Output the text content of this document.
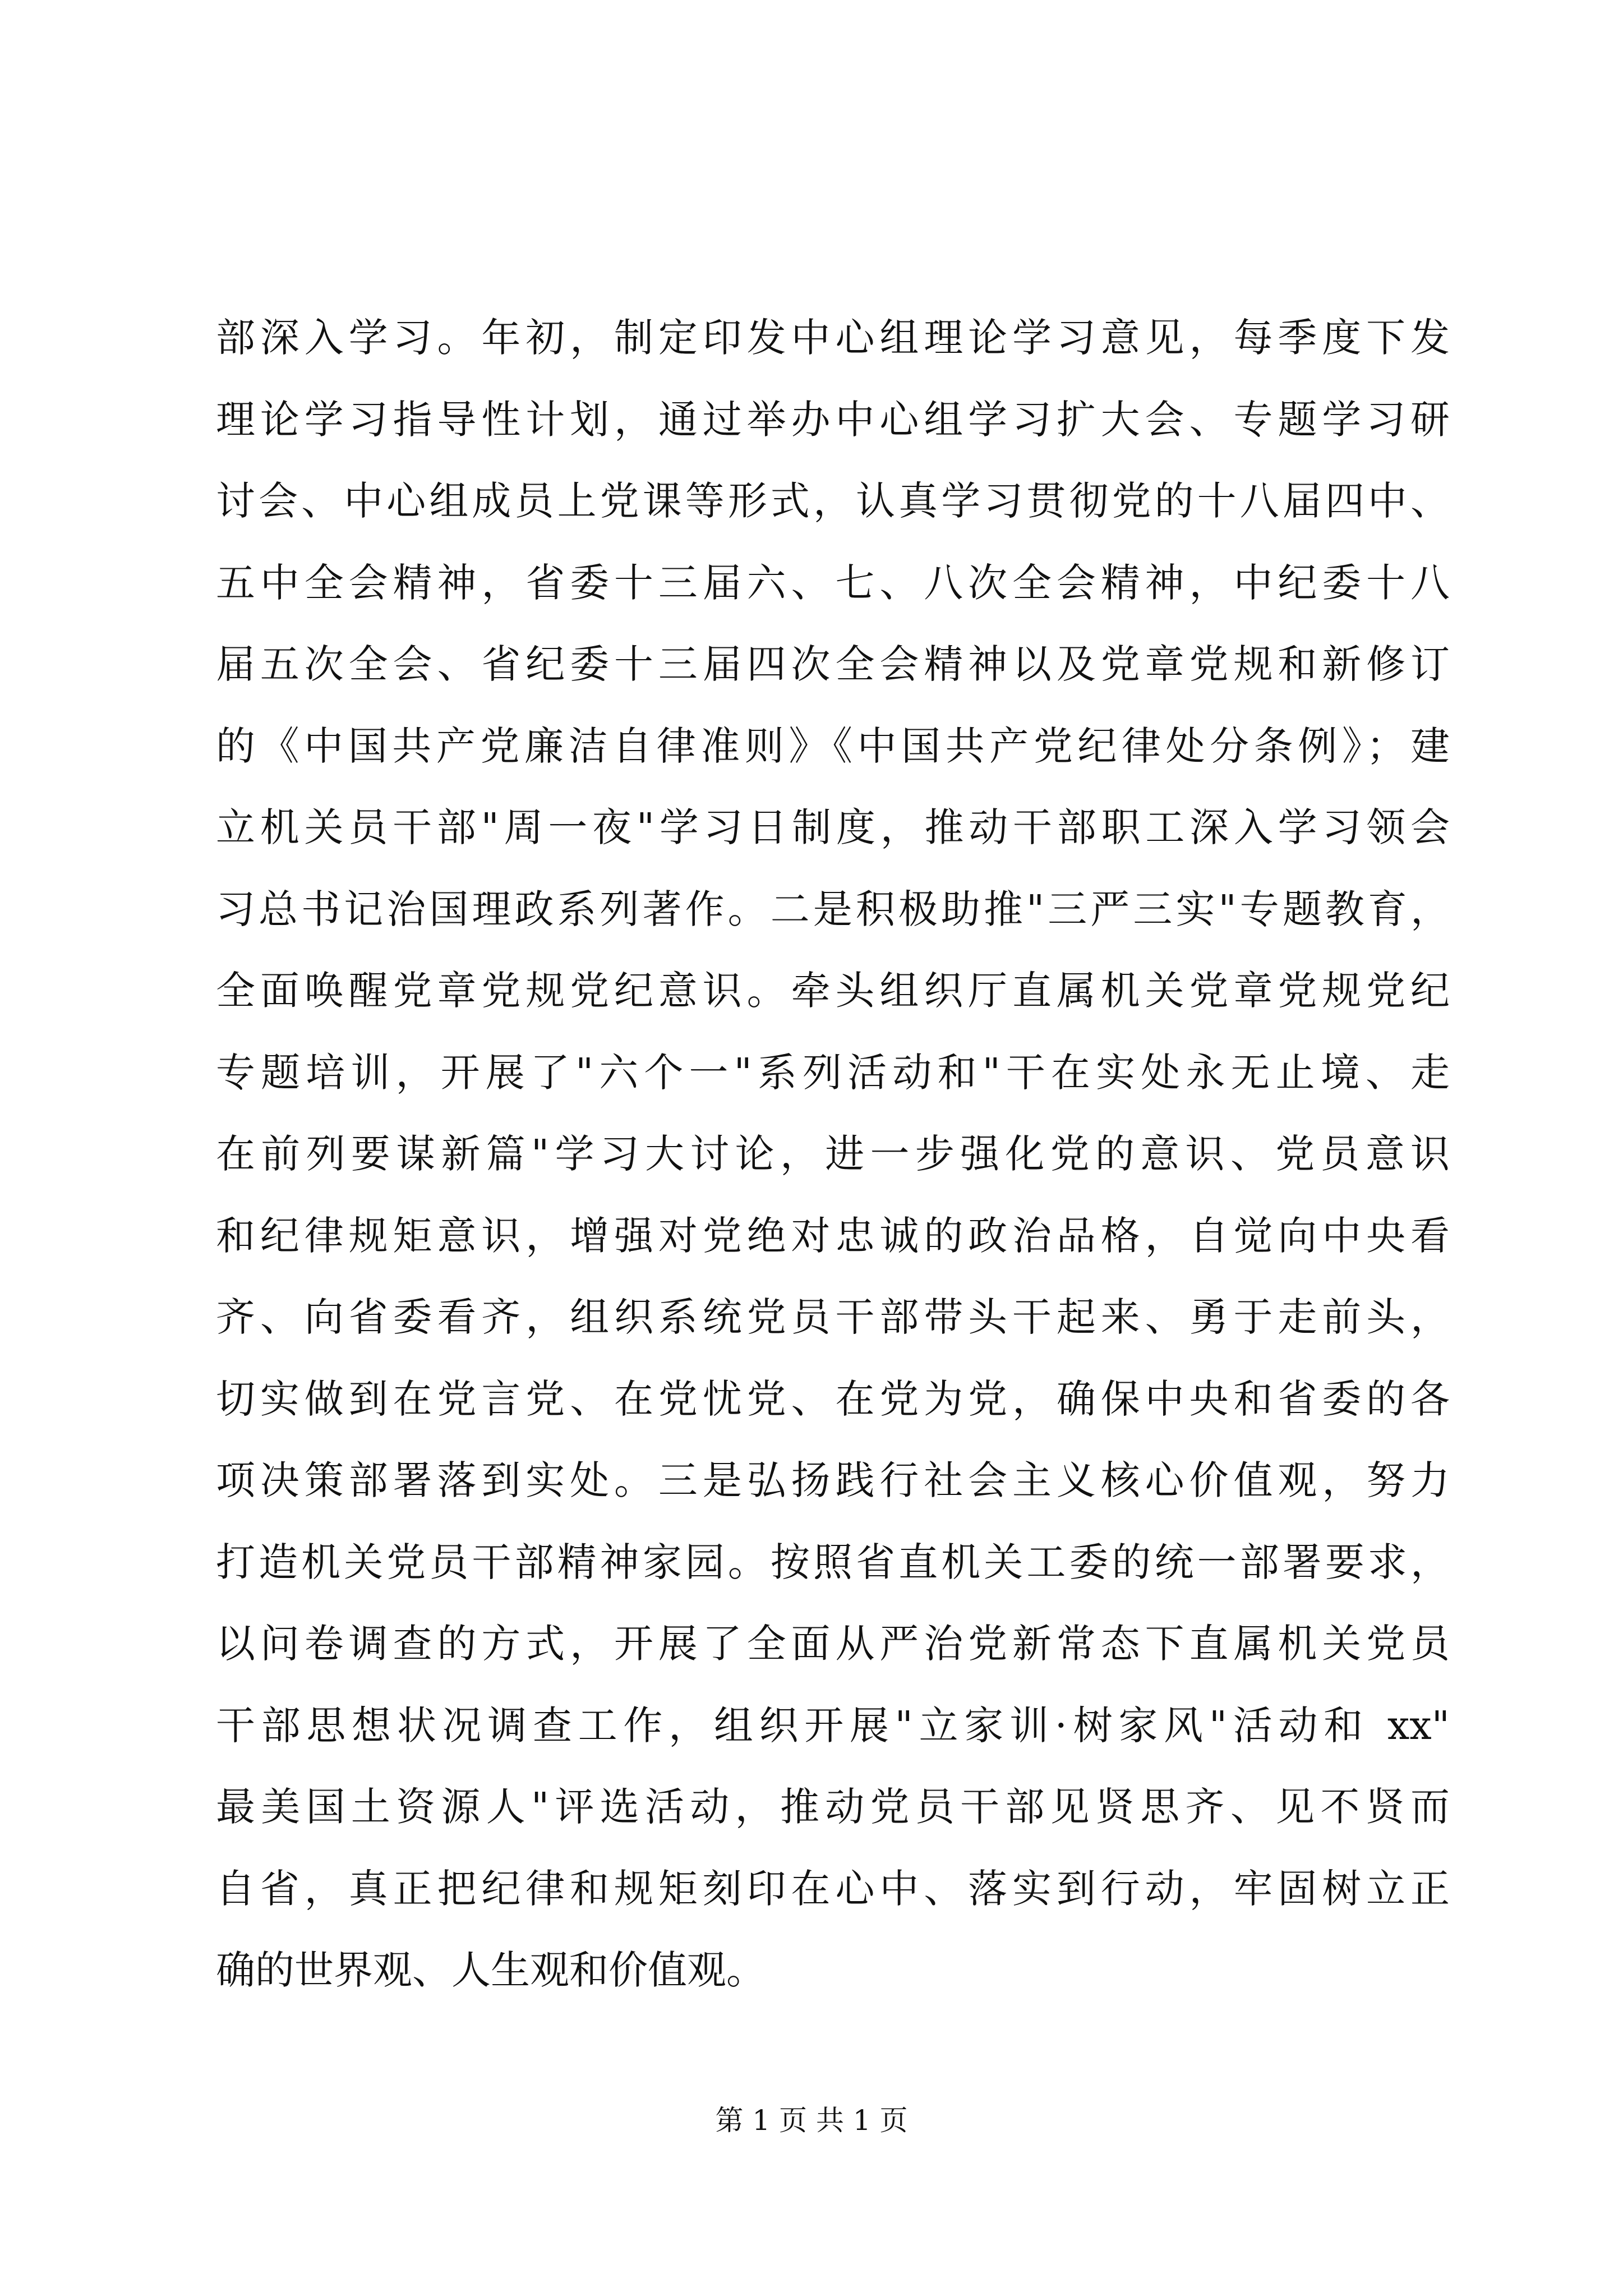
部深入学习。年初，制定印发中心组理论学习意见，每季度下发
理论学习指导性计划，通过举办中心组学习扩大会、专题学习研
讨会、中心组成员上党课等形式，认真学习贯彻党的十八届四中、
五中全会精神，省委十三届六、七、八次全会精神，中纪委十八
届五次全会、省纪委十三届四次全会精神以及党章党规和新修订
的《中国共产党廉洁自律准则》《中国共产党纪律处分条例》；建
立机关员干部"周一夜"学习日制度，推动干部职工深入学习领会
习总书记治国理政系列著作。二是积极助推"三严三实"专题教育，
全面唤醒党章党规党纪意识。牵头组织厅直属机关党章党规党纪
专题培训，开展了"六个一"系列活动和"干在实处永无止境、走
在前列要谋新篇"学习大讨论，进一步强化党的意识、党员意识
和纪律规矩意识，增强对党绝对忠诚的政治品格，自觉向中央看
齐、向省委看齐，组织系统党员干部带头干起来、勇于走前头，
切实做到在党言党、在党忧党、在党为党，确保中央和省委的各
项决策部署落到实处。三是弘扬践行社会主义核心价值观，努力
打造机关党员干部精神家园。按照省直机关工委的统一部署要求，
以问卷调查的方式，开展了全面从严治党新常态下直属机关党员
干部思想状况调查工作，组织开展"立家训·树家风"活动和 xx"
最美国土资源人"评选活动，推动党员干部见贤思齐、见不贤而
自省，真正把纪律和规矩刻印在心中、落实到行动，牢固树立正
确的世界观、人生观和价值观。
第 1 页 共 1 页
